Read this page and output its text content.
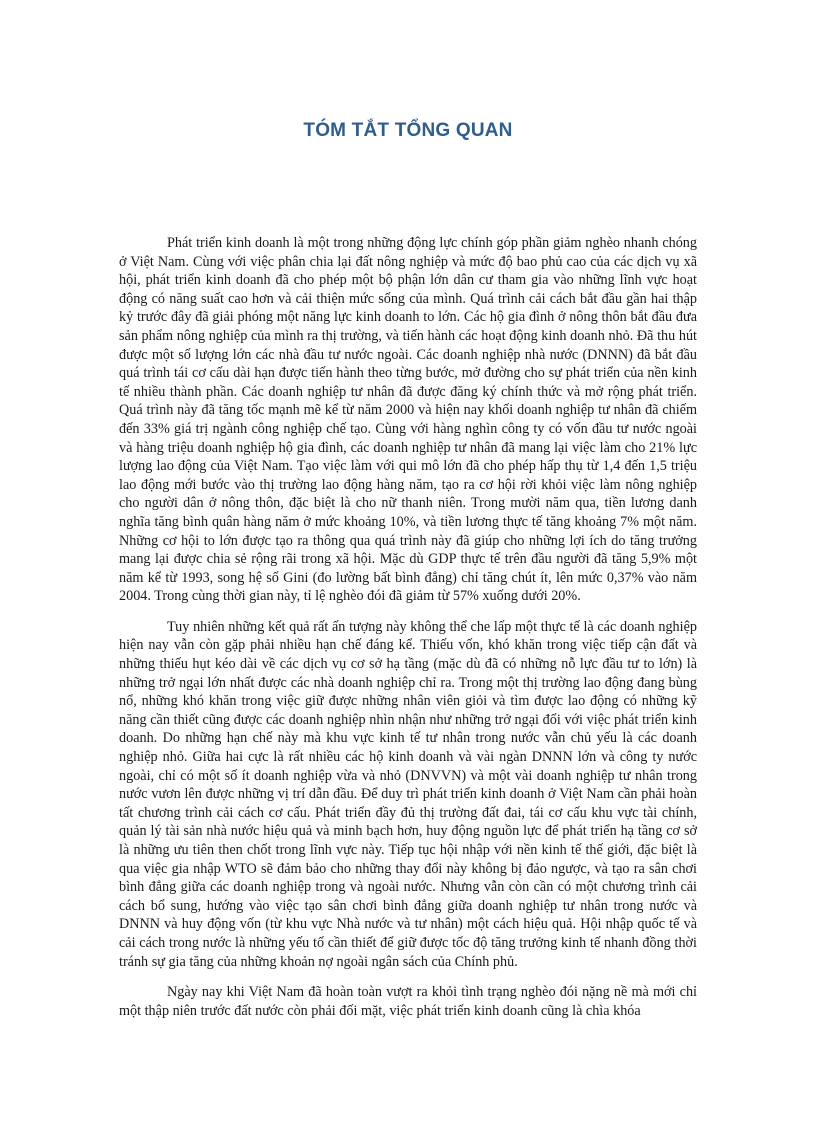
TÓM TẮT TỔNG QUAN

Phát triển kinh doanh là một trong những động lực chính góp phần giảm nghèo nhanh chóng ở Việt Nam. Cùng với việc phân chia lại đất nông nghiệp và mức độ bao phủ cao của các dịch vụ xã hội, phát triển kinh doanh đã cho phép một bộ phận lớn dân cư tham gia vào những lĩnh vực hoạt động có năng suất cao hơn và cải thiện mức sống của mình. Quá trình cải cách bắt đầu gần hai thập kỷ trước đây đã giải phóng một năng lực kinh doanh to lớn. Các hộ gia đình ở nông thôn bắt đầu đưa sản phẩm nông nghiệp của mình ra thị trường, và tiến hành các hoạt động kinh doanh nhỏ. Đã thu hút được một số lượng lớn các nhà đầu tư nước ngoài. Các doanh nghiệp nhà nước (DNNN) đã bắt đầu quá trình tái cơ cấu dài hạn được tiến hành theo từng bước, mở đường cho sự phát triển của nền kinh tế nhiều thành phần. Các doanh nghiệp tư nhân đã được đăng ký chính thức và mở rộng phát triển. Quá trình này đã tăng tốc mạnh mẽ kể từ năm 2000 và hiện nay khối doanh nghiệp tư nhân đã chiếm đến 33% giá trị ngành công nghiệp chế tạo. Cùng với hàng nghìn công ty có vốn đầu tư nước ngoài và hàng triệu doanh nghiệp hộ gia đình, các doanh nghiệp tư nhân đã mang lại việc làm cho 21% lực lượng lao động của Việt Nam. Tạo việc làm với qui mô lớn đã cho phép hấp thụ từ 1,4 đến 1,5 triệu lao động mới bước vào thị trường lao động hàng năm, tạo ra cơ hội rời khỏi việc làm nông nghiệp cho người dân ở nông thôn, đặc biệt là cho nữ thanh niên. Trong mười năm qua, tiền lương danh nghĩa tăng bình quân hàng năm ở mức khoảng 10%, và tiền lương thực tế tăng khoảng 7% một năm. Những cơ hội to lớn được tạo ra thông qua quá trình này đã giúp cho những lợi ích do tăng trưởng mang lại được chia sẻ rộng rãi trong xã hội. Mặc dù GDP thực tế trên đầu người đã tăng 5,9% một năm kể từ 1993, song hệ số Gini (đo lường bất bình đẳng) chỉ tăng chút ít, lên mức 0,37% vào năm 2004. Trong cùng thời gian này, tỉ lệ nghèo đói đã giảm từ 57% xuống dưới 20%.

Tuy nhiên những kết quả rất ấn tượng này không thể che lấp một thực tế là các doanh nghiệp hiện nay vẫn còn gặp phải nhiều hạn chế đáng kể. Thiếu vốn, khó khăn trong việc tiếp cận đất và những thiếu hụt kéo dài về các dịch vụ cơ sở hạ tầng (mặc dù đã có những nỗ lực đầu tư to lớn) là những trở ngại lớn nhất được các nhà doanh nghiệp chỉ ra. Trong một thị trường lao động đang bùng nổ, những khó khăn trong việc giữ được những nhân viên giỏi và tìm được lao động có những kỹ năng cần thiết cũng được các doanh nghiệp nhìn nhận như những trở ngại đối với việc phát triển kinh doanh. Do những hạn chế này mà khu vực kinh tế tư nhân trong nước vẫn chủ yếu là các doanh nghiệp nhỏ. Giữa hai cực là rất nhiều các hộ kinh doanh và vài ngàn DNNN lớn và công ty nước ngoài, chỉ có một số ít doanh nghiệp vừa và nhỏ (DNVVN) và một vài doanh nghiệp tư nhân trong nước vươn lên được những vị trí dẫn đầu. Để duy trì phát triển kinh doanh ở Việt Nam cần phải hoàn tất chương trình cải cách cơ cấu. Phát triển đầy đủ thị trường đất đai, tái cơ cấu khu vực tài chính, quản lý tài sản nhà nước hiệu quả và minh bạch hơn, huy động nguồn lực để phát triển hạ tầng cơ sở là những ưu tiên then chốt trong lĩnh vực này. Tiếp tục hội nhập với nền kinh tế thế giới, đặc biệt là qua việc gia nhập WTO sẽ đảm bảo cho những thay đổi này không bị đảo ngược, và tạo ra sân chơi bình đẳng giữa các doanh nghiệp trong và ngoài nước. Nhưng vẫn còn cần có một chương trình cải cách bổ sung, hướng vào việc tạo sân chơi bình đẳng giữa doanh nghiệp tư nhân trong nước và DNNN và huy động vốn (từ khu vực Nhà nước và tư nhân) một cách hiệu quả. Hội nhập quốc tế và cải cách trong nước là những yếu tố cần thiết để giữ được tốc độ tăng trưởng kinh tế nhanh đồng thời tránh sự gia tăng của những khoản nợ ngoài ngân sách của Chính phủ.

Ngày nay khi Việt Nam đã hoàn toàn vượt ra khỏi tình trạng nghèo đói nặng nề mà mới chỉ một thập niên trước đất nước còn phải đối mặt, việc phát triển kinh doanh cũng là chìa khóa
